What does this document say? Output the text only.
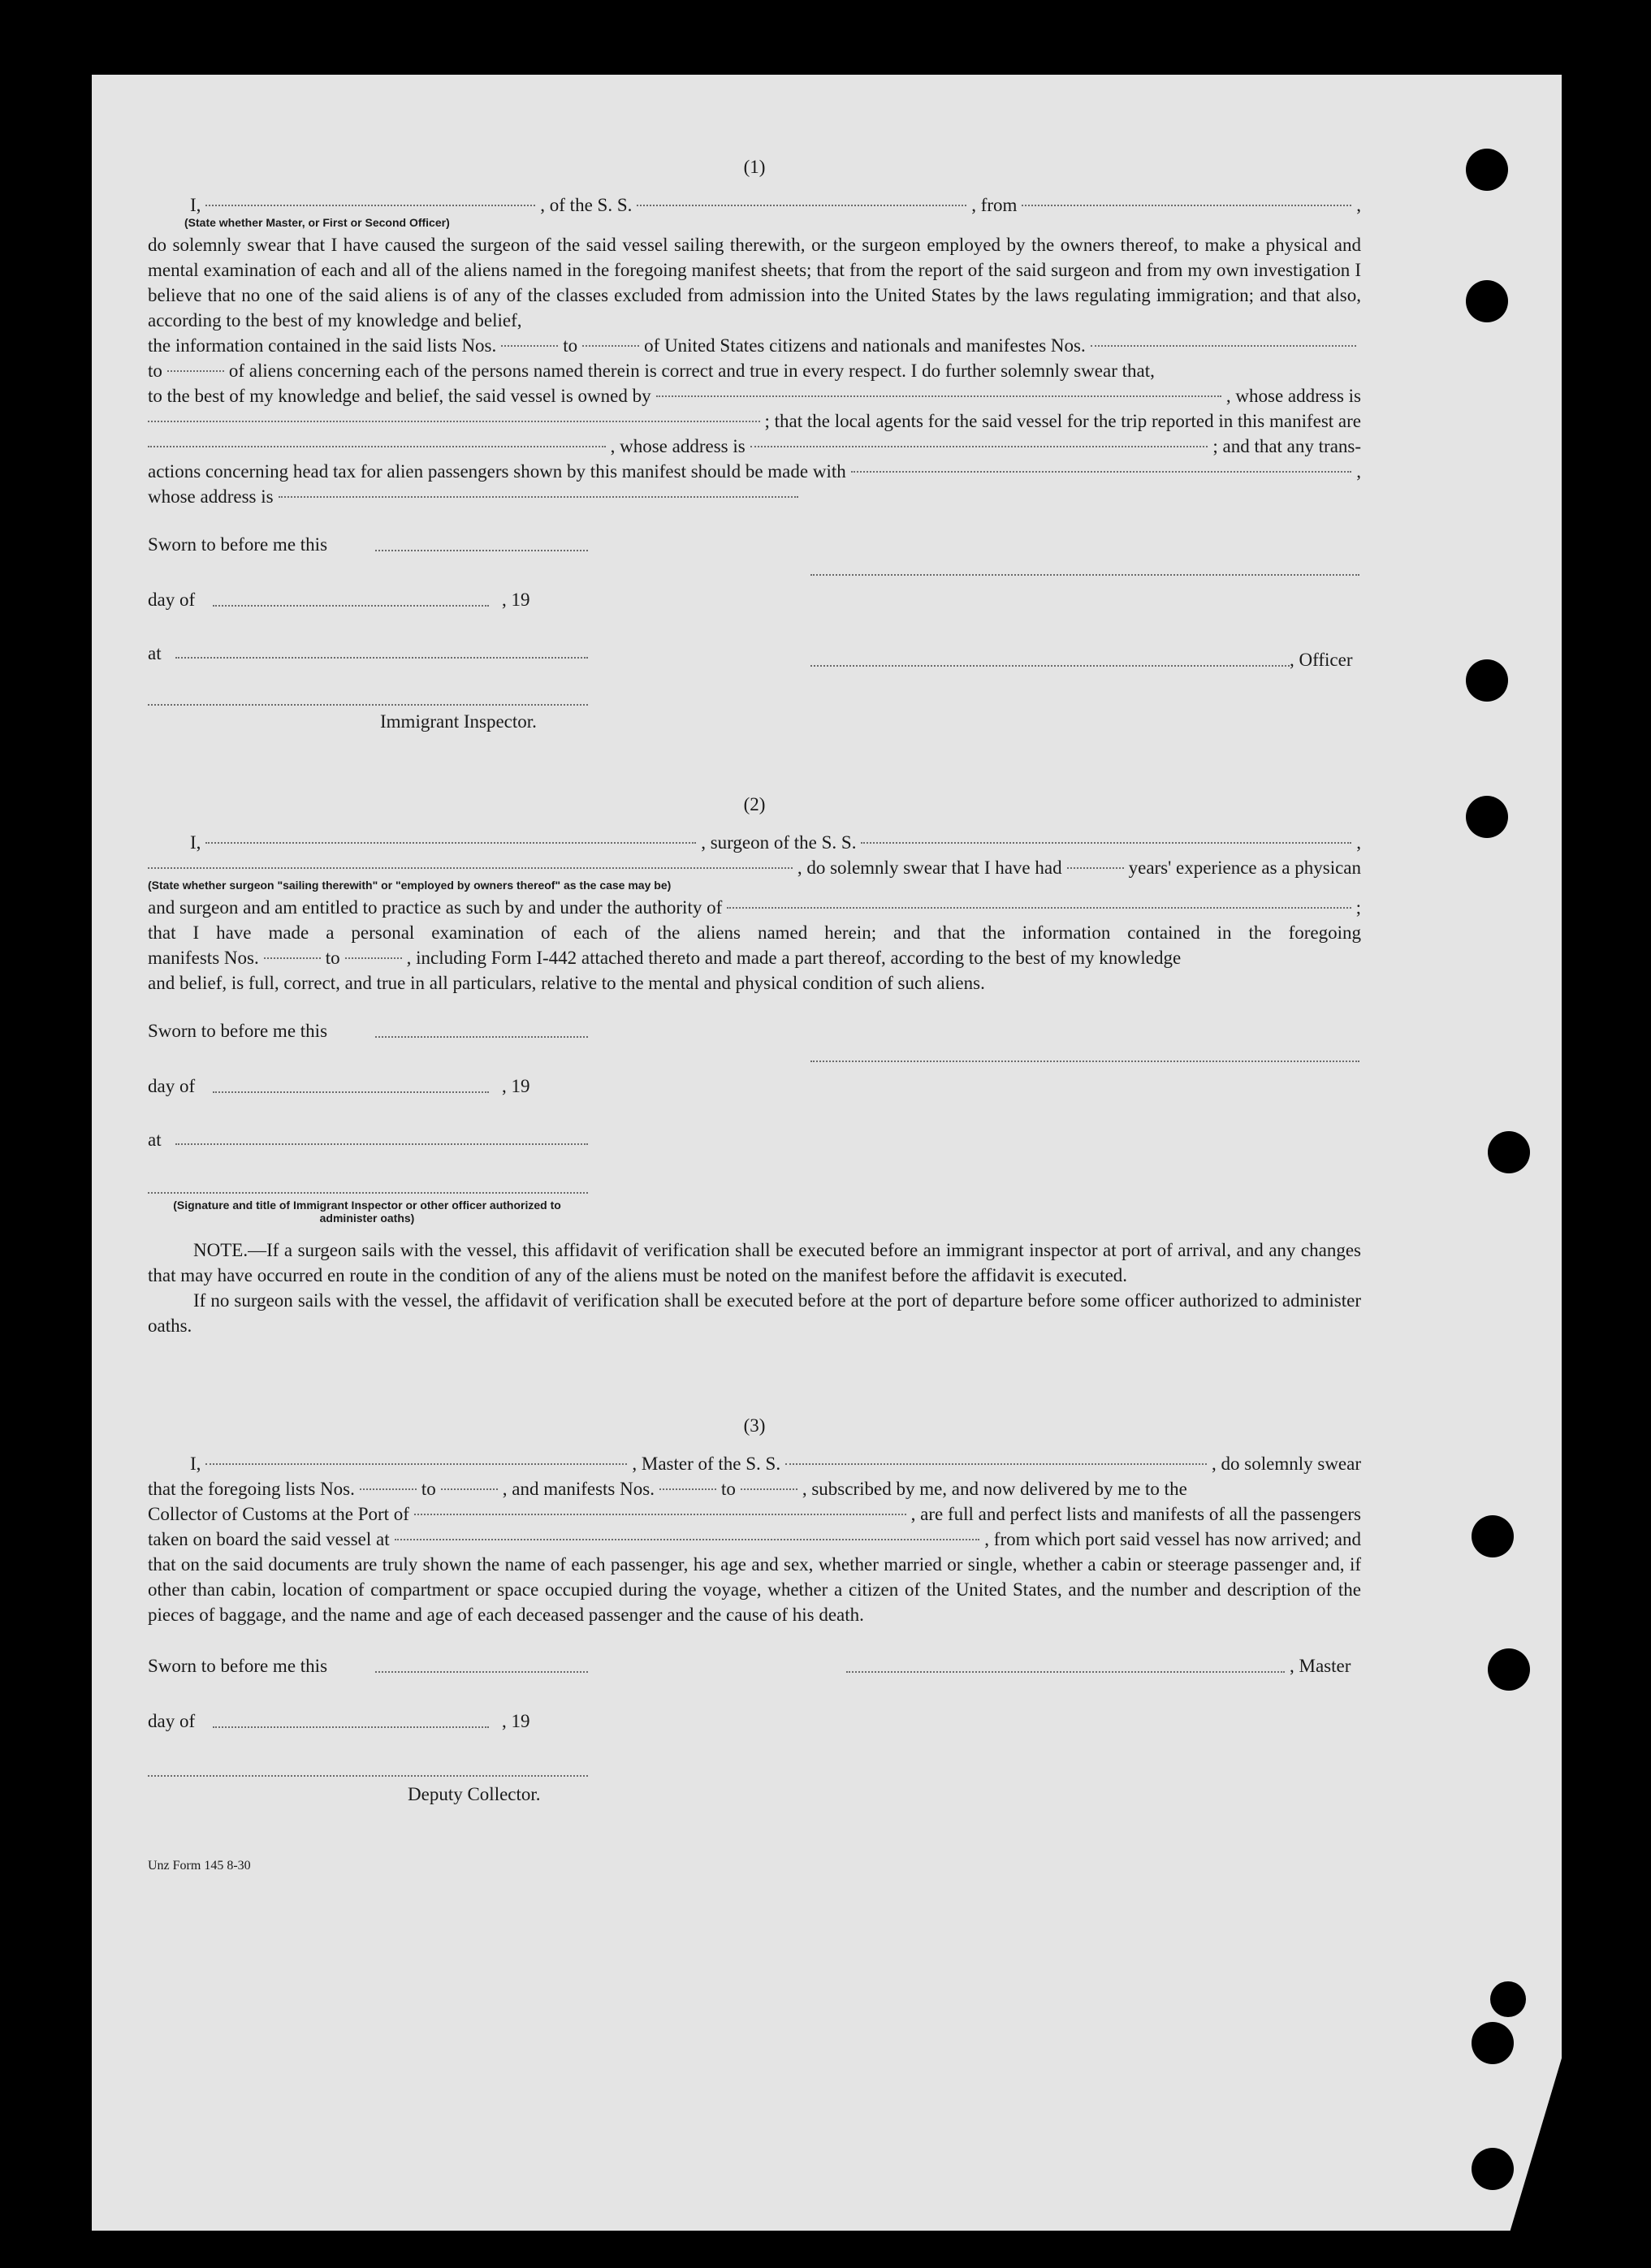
(1)
I,	, of the S. S.	, from	,
(State whether Master, or First or Second Officer)
do solemnly swear that I have caused the surgeon of the said vessel sailing therewith, or the surgeon employed by the owners thereof, to make a physical and mental examination of each and all of the aliens named in the foregoing manifest sheets; that from the report of the said surgeon and from my own investigation I believe that no one of the said aliens is of any of the classes excluded from admission into the United States by the laws regulating immigration; and that also, according to the best of my knowledge and belief,
the information contained in the said lists Nos.	to	of United States citizens and nationals and manifestes Nos.
to	of aliens concerning each of the persons named therein is correct and true in every respect. I do further solemnly swear that,
to the best of my knowledge and belief, the said vessel is owned by	, whose address is
; that the local agents for the said vessel for the trip reported in this manifest are
, whose address is	; and that any trans-
actions concerning head tax for alien passengers shown by this manifest should be made with	,
whose address is
Sworn to before me this
day of	, 19
at	, Officer
Immigrant Inspector.
(2)
I,	, surgeon of the S. S.	,
, do solemnly swear that I have had	years' experience as a physican
(State whether surgeon "sailing therewith" or "employed by owners thereof" as the case may be)
and surgeon and am entitled to practice as such by and under the authority of	;
that I have made a personal examination of each of the aliens named herein; and that the information contained in the foregoing
manifests Nos.	to	, including Form I-442 attached thereto and made a part thereof, according to the best of my knowledge
and belief, is full, correct, and true in all particulars, relative to the mental and physical condition of such aliens.
Sworn to before me this
day of	, 19
at
(Signature and title of Immigrant Inspector or other officer authorized to administer oaths)
NOTE.—If a surgeon sails with the vessel, this affidavit of verification shall be executed before an immigrant inspector at port of arrival, and any changes that may have occurred en route in the condition of any of the aliens must be noted on the manifest before the affidavit is executed.
If no surgeon sails with the vessel, the affidavit of verification shall be executed before at the port of departure before some officer authorized to administer oaths.
(3)
I,	, Master of the S. S.	, do solemnly swear
that the foregoing lists Nos.	to	, and manifests Nos.	to	, subscribed by me, and now delivered by me to the
Collector of Customs at the Port of	, are full and perfect lists and manifests of all the passengers
taken on board the said vessel at	, from which port said vessel has now arrived; and
that on the said documents are truly shown the name of each passenger, his age and sex, whether married or single, whether a cabin or steerage passenger and, if other than cabin, location of compartment or space occupied during the voyage, whether a citizen of the United States, and the number and description of the pieces of baggage, and the name and age of each deceased passenger and the cause of his death.
Sworn to before me this	, Master
day of	, 19
Deputy Collector.
Unz Form 145 8-30
